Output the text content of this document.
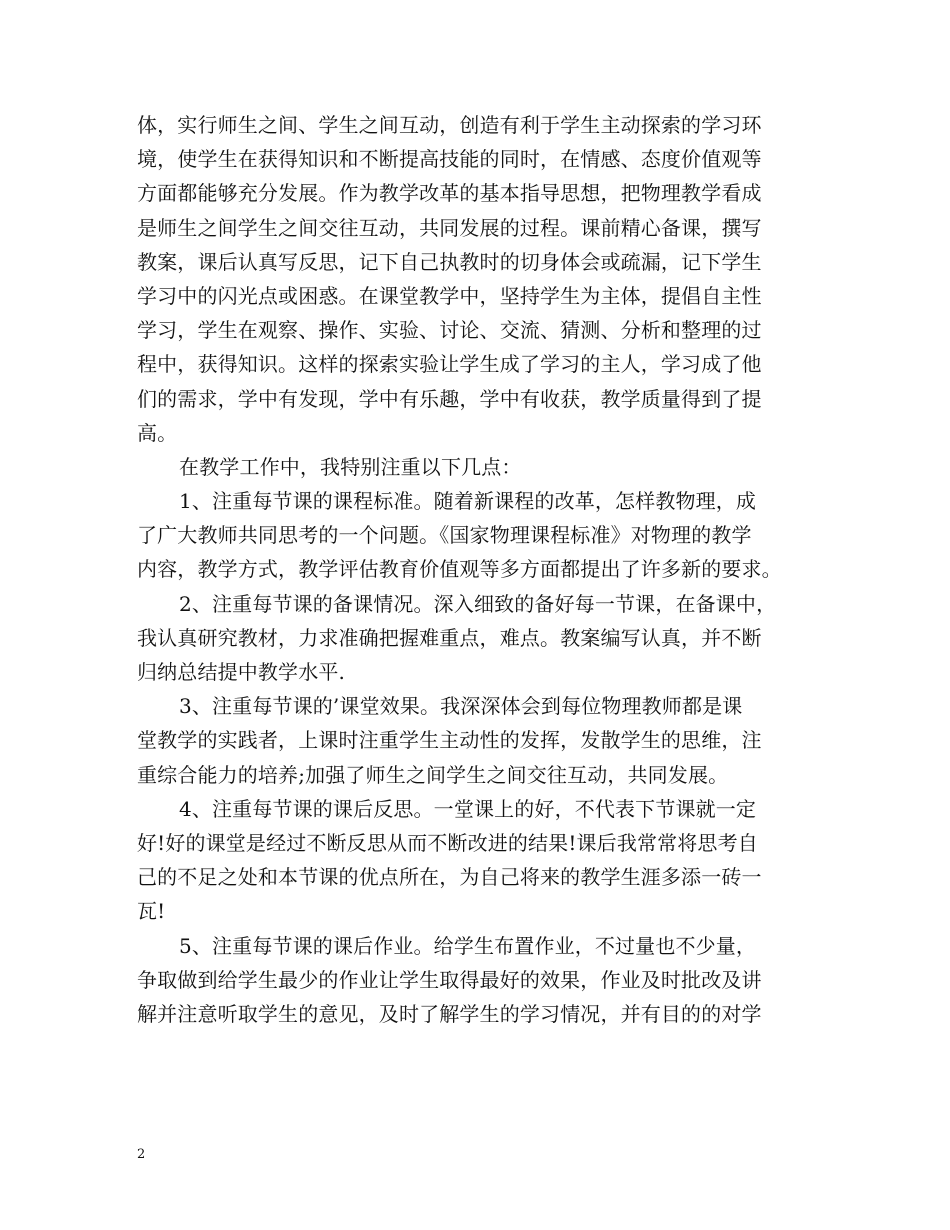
体，实行师生之间、学生之间互动，创造有利于学生主动探索的学习环
境，使学生在获得知识和不断提高技能的同时，在情感、态度价值观等
方面都能够充分发展。作为教学改革的基本指导思想，把物理教学看成
是师生之间学生之间交往互动，共同发展的过程。课前精心备课，撰写
教案，课后认真写反思，记下自己执教时的切身体会或疏漏，记下学生
学习中的闪光点或困惑。在课堂教学中，坚持学生为主体，提倡自主性
学习，学生在观察、操作、实验、讨论、交流、猜测、分析和整理的过
程中，获得知识。这样的探索实验让学生成了学习的主人，学习成了他
们的需求，学中有发现，学中有乐趣，学中有收获，教学质量得到了提
高。
在教学工作中，我特别注重以下几点：
1、注重每节课的课程标准。随着新课程的改革，怎样教物理，成
了广大教师共同思考的一个问题。《国家物理课程标准》对物理的教学
内容，教学方式，教学评估教育价值观等多方面都提出了许多新的要求。
2、注重每节课的备课情况。深入细致的备好每一节课，在备课中，
我认真研究教材，力求准确把握难重点，难点。教案编写认真，并不断
归纳总结提中教学水平.
3、注重每节课的’课堂效果。我深深体会到每位物理教师都是课
堂教学的实践者，上课时注重学生主动性的发挥，发散学生的思维，注
重综合能力的培养;加强了师生之间学生之间交往互动，共同发展。
4、注重每节课的课后反思。一堂课上的好，不代表下节课就一定
好!好的课堂是经过不断反思从而不断改进的结果!课后我常常将思考自
己的不足之处和本节课的优点所在，为自己将来的教学生涯多添一砖一
瓦!
5、注重每节课的课后作业。给学生布置作业，不过量也不少量，
争取做到给学生最少的作业让学生取得最好的效果，作业及时批改及讲
解并注意听取学生的意见，及时了解学生的学习情况，并有目的的对学
2
